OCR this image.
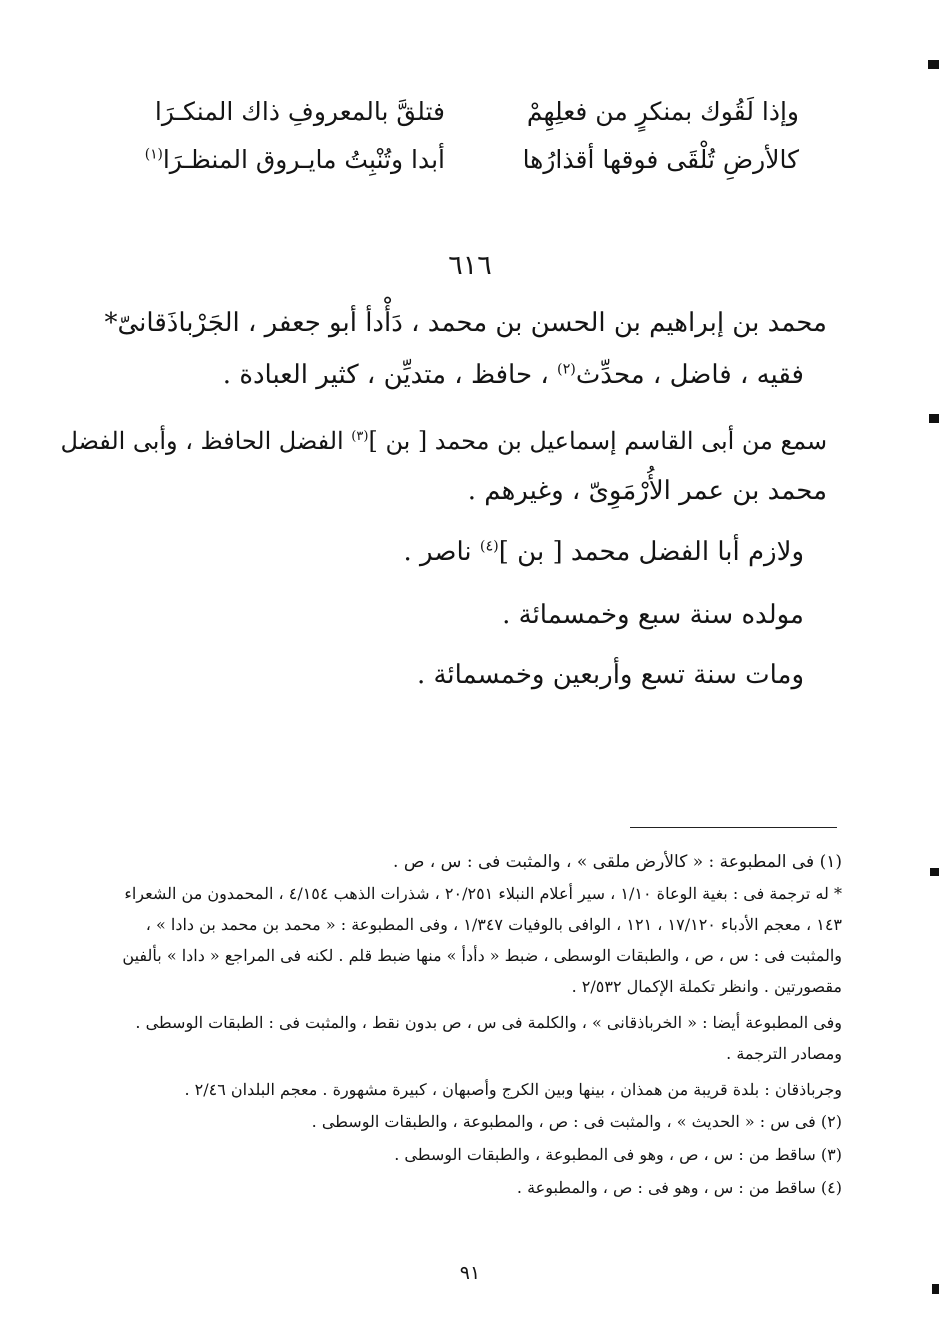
وإذا لَقُوك بمنكرٍ من فعلِهِمْ
فتلقَّ بالمعروفِ ذاك المنكـرَا
كالأرضِ تُلْقَى فوقها أقذارُها
أبدا وتُنْبِتُ مايـروق المنظـرَا$^{(١)}$
٦١٦
محمد بن إبراهيم بن الحسن بن محمد ، دَأْدأ أبو جعفر ، الجَرْباذَقانىّ*
فقيه ، فاضل ، محدِّث$^{(٢)}$ ، حافظ ، متديِّن ، كثير العبادة .
سمع من أبى القاسم إسماعيل بن محمد [ بن ]$^{(٣)}$ الفضل الحافظ ، وأبى الفضل
محمد بن عمر الأُرْمَوِىّ ، وغيرهم .
ولازم أبا الفضل محمد [ بن ]$^{(٤)}$ ناصر .
مولده سنة سبع وخمسمائة .
ومات سنة تسع وأربعين وخمسمائة .
(١) فى المطبوعة : « كالأرض ملقى » ، والمثبت فى : س ، ص .
* له ترجمة فى : بغية الوعاة ١/١٠ ، سير أعلام النبلاء ٢٠/٢٥١ ، شذرات الذهب ٤/١٥٤ ، المحمدون من الشعراء
١٤٣ ، معجم الأدباء ١٧/١٢٠ ، ١٢١ ، الوافى بالوفيات ١/٣٤٧ ، وفى المطبوعة : « محمد بن محمد بن دادا » ،
والمثبت فى : س ، ص ، والطبقات الوسطى ، ضبط « دأدأ » منها ضبط قلم . لكنه فى المراجع « دادا » بألفين
مقصورتين . وانظر تكملة الإكمال ٢/٥٣٢ .
وفى المطبوعة أيضا : « الخرباذقانى » ، والكلمة فى س ، ص بدون نقط ، والمثبت فى : الطبقات الوسطى .
ومصادر الترجمة .
وجرباذقان : بلدة قريبة من همذان ، بينها وبين الكرج وأصبهان ، كبيرة مشهورة . معجم البلدان ٢/٤٦ .
(٢) فى س : « الحديث » ، والمثبت فى : ص ، والمطبوعة ، والطبقات الوسطى .
(٣) ساقط من : س ، ص ، وهو فى المطبوعة ، والطبقات الوسطى .
(٤) ساقط من : س ، وهو فى : ص ، والمطبوعة .
٩١
